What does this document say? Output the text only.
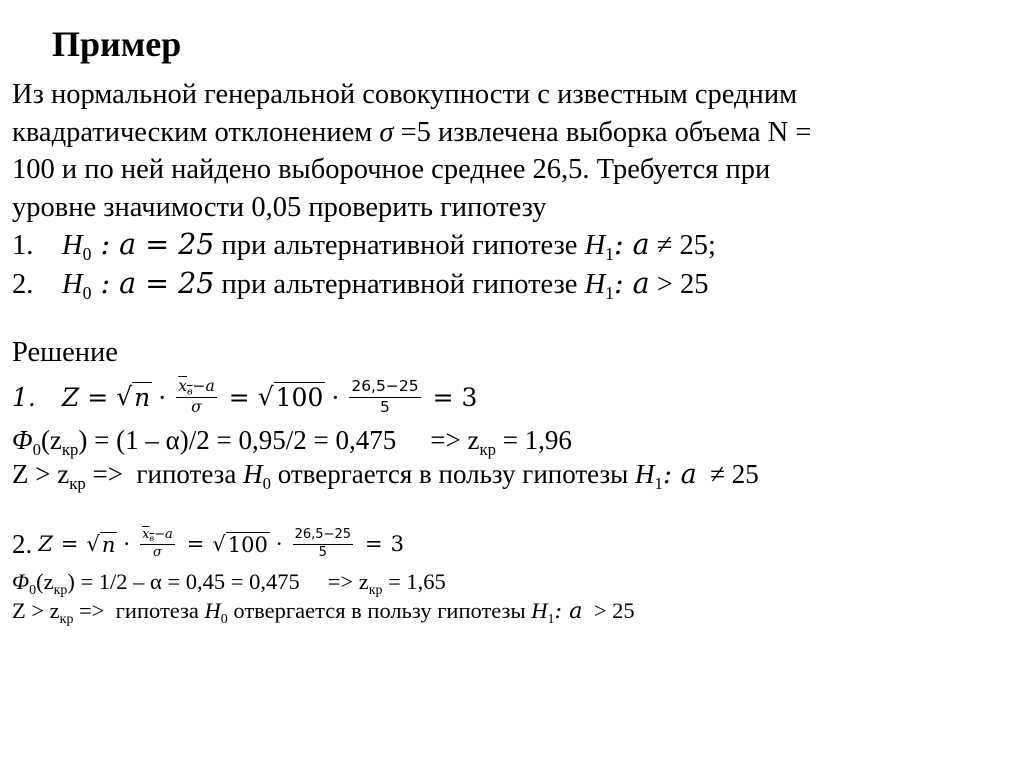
Пример
Из нормальной генеральной совокупности с известным средним
квадратическим отклонением σ =5 извлечена выборка объема N =
100 и по ней найдено выборочное среднее 26,5. Требуется при
уровне значимости 0,05 проверить гипотезу
1. $H_0$ : a = 25 при альтернативной гипотезе $H_1$: a ≠ 25;
2. $H_0$ : a = 25 при альтернативной гипотезе $H_1$: a > 25
Решение
1. Z = √ $n \cdot \frac{x_в-a}{\sigma}$ = √ $100 \cdot \frac{26,5-25}{5} = 3$
$\Phi_0(z_{кр}) = (1 - \alpha)/2 = 0,95/2 = 0,475 => z_{кр} = 1,96$
$Z > z_{кр}$ =>  гипотеза $H_0$ отвергается в пользу гипотезы $H_1$: a  ≠ 25
2. Z = √ $n \cdot \frac{x_в-a}{\sigma}$ = √ $100 \cdot \frac{26,5-25}{5} = 3$
$\Phi_0(z_{кр}) = 1/2 - \alpha = 0,45 = 0,475 => z_{кр} = 1,65$
$Z > z_{кр}$ =>  гипотеза $H_0$ отвергается в пользу гипотезы $H_1$: a  > 25
